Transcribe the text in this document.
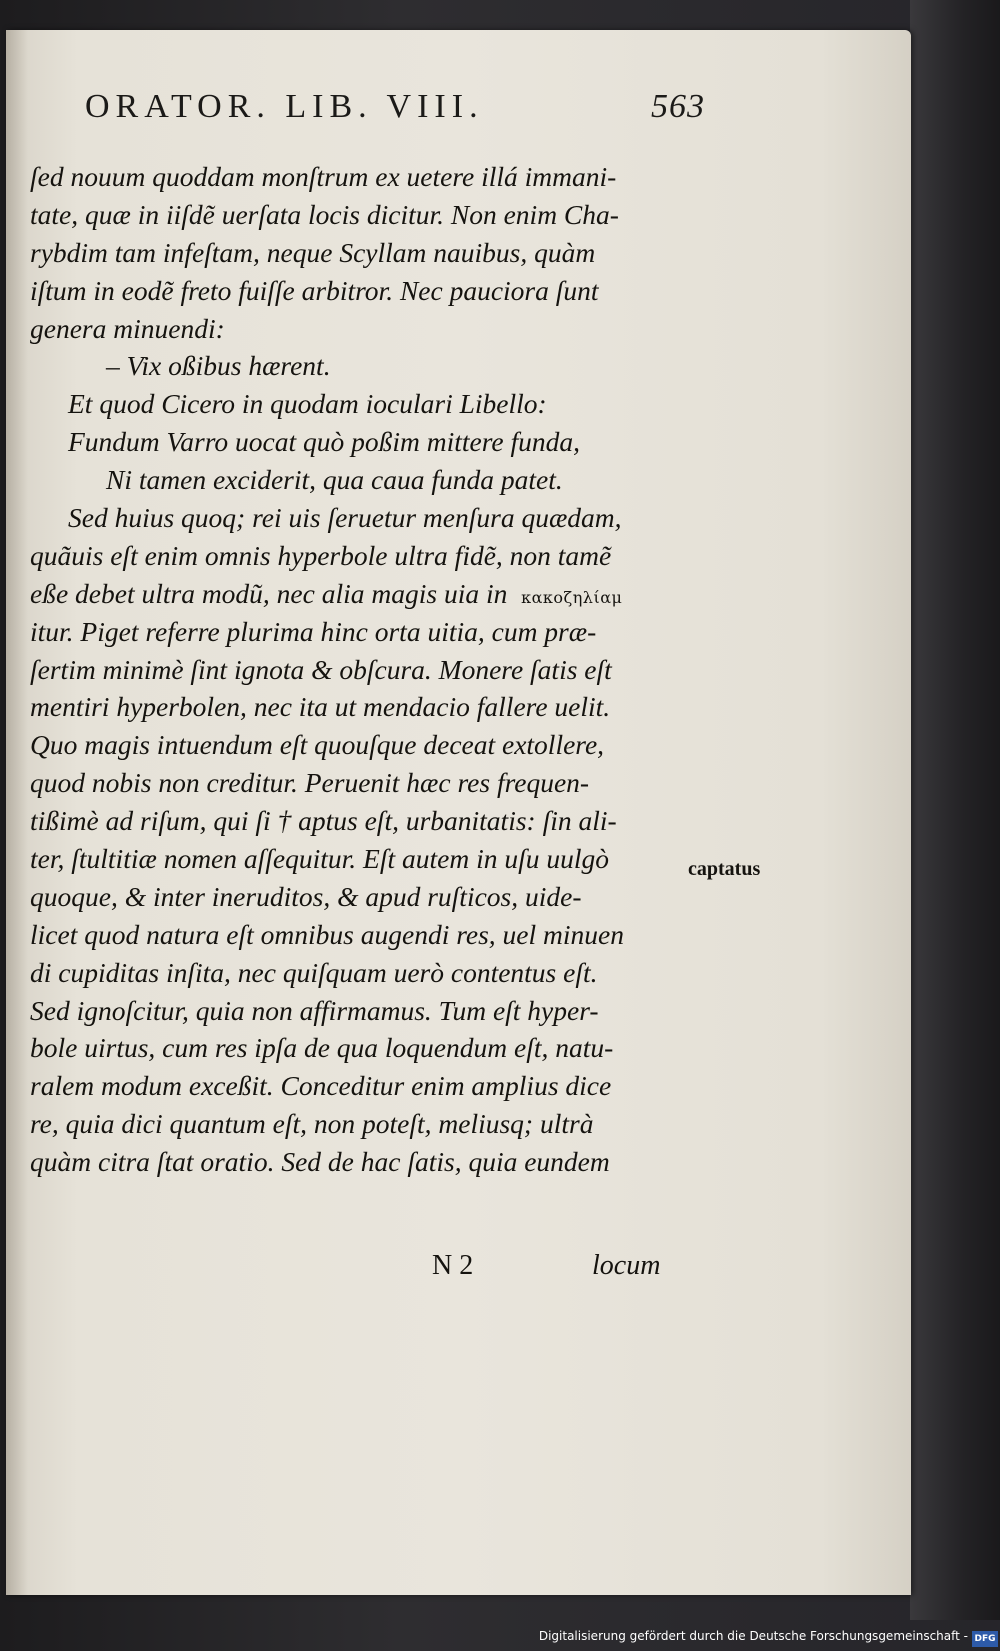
ORATOR. LIB. VIII.	563
ſed nouum quoddam monſtrum ex uetere illá immani-
tate, quæ in iiſdẽ uerſata locis dicitur. Non enim Cha-
rybdim tam infeſtam, neque Scyllam nauibus, quàm
iſtum in eodẽ freto fuiſſe arbitror. Nec pauciora ſunt
genera minuendi:
– Vix oßibus hærent.
Et quod Cicero in quodam ioculari Libello:
Fundum Varro uocat quò poßim mittere funda,
Ni tamen exciderit, qua caua funda patet.
Sed huius quoq; rei uis ſeruetur menſura quædam,
quãuis eſt enim omnis hyperbole ultra fidẽ, non tamẽ
eße debet ultra modũ, nec alia magis uia in κακοζηλίαμ
itur. Piget referre plurima hinc orta uitia, cum præ-
ſertim minimè ſint ignota & obſcura. Monere ſatis eſt
mentiri hyperbolen, nec ita ut mendacio fallere uelit.
Quo magis intuendum eſt quouſque deceat extollere,
quod nobis non creditur. Peruenit hæc res frequen-
tißimè ad riſum, qui ſi † aptus eſt, urbanitatis: ſin ali-
ter, ſtultitiæ nomen aſſequitur. Eſt autem in uſu uulgò
quoque, & inter ineruditos, & apud ruſticos, uide-
licet quod natura eſt omnibus augendi res, uel minuen
di cupiditas inſita, nec quiſquam uerò contentus eſt.
Sed ignoſcitur, quia non affirmamus. Tum eſt hyper-
bole uirtus, cum res ipſa de qua loquendum eſt, natu-
ralem modum exceßit. Conceditur enim amplius dice
re, quia dici quantum eſt, non poteſt, meliusq; ultrà
quàm citra ſtat oratio. Sed de hac ſatis, quia eundem
captatus
N 2	locum
Digitalisierung gefördert durch die Deutsche Forschungsgemeinschaft - DFG
